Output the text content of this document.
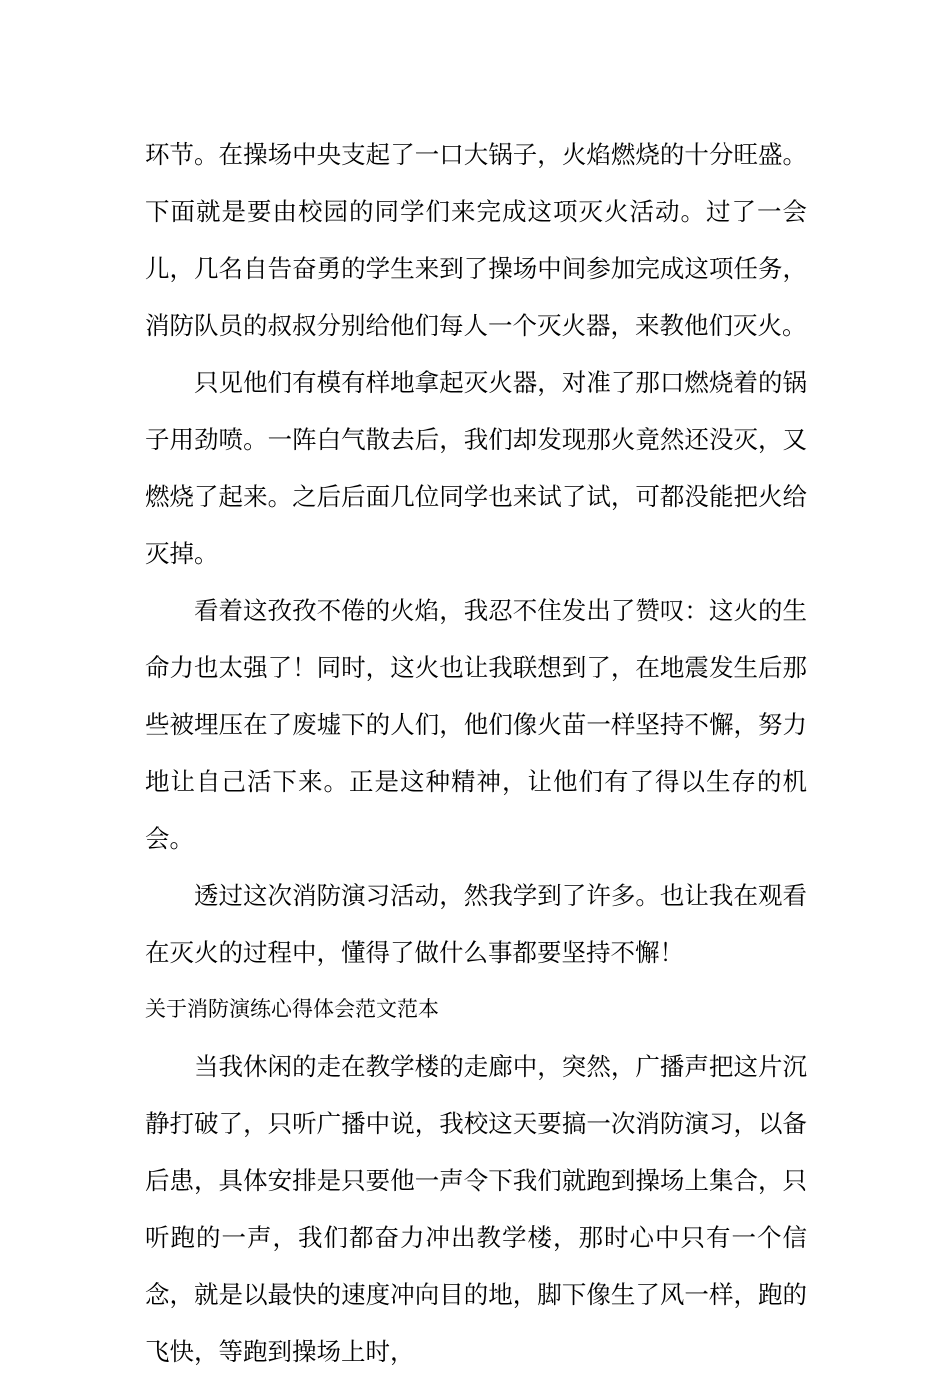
环节。在操场中央支起了一口大锅子，火焰燃烧的十分旺盛。下面就是要由校园的同学们来完成这项灭火活动。过了一会儿，几名自告奋勇的学生来到了操场中间参加完成这项任务，消防队员的叔叔分别给他们每人一个灭火器，来教他们灭火。

只见他们有模有样地拿起灭火器，对准了那口燃烧着的锅子用劲喷。一阵白气散去后，我们却发现那火竟然还没灭，又燃烧了起来。之后后面几位同学也来试了试，可都没能把火给灭掉。

看着这孜孜不倦的火焰，我忍不住发出了赞叹：这火的生命力也太强了！同时，这火也让我联想到了，在地震发生后那些被埋压在了废墟下的人们，他们像火苗一样坚持不懈，努力地让自己活下来。正是这种精神，让他们有了得以生存的机会。

透过这次消防演习活动，然我学到了许多。也让我在观看在灭火的过程中，懂得了做什么事都要坚持不懈！

关于消防演练心得体会范文范本

当我休闲的走在教学楼的走廊中，突然，广播声把这片沉静打破了，只听广播中说，我校这天要搞一次消防演习，以备后患，具体安排是只要他一声令下我们就跑到操场上集合，只听跑的一声，我们都奋力冲出教学楼，那时心中只有一个信念，就是以最快的速度冲向目的地，脚下像生了风一样，跑的飞快，等跑到操场上时，
